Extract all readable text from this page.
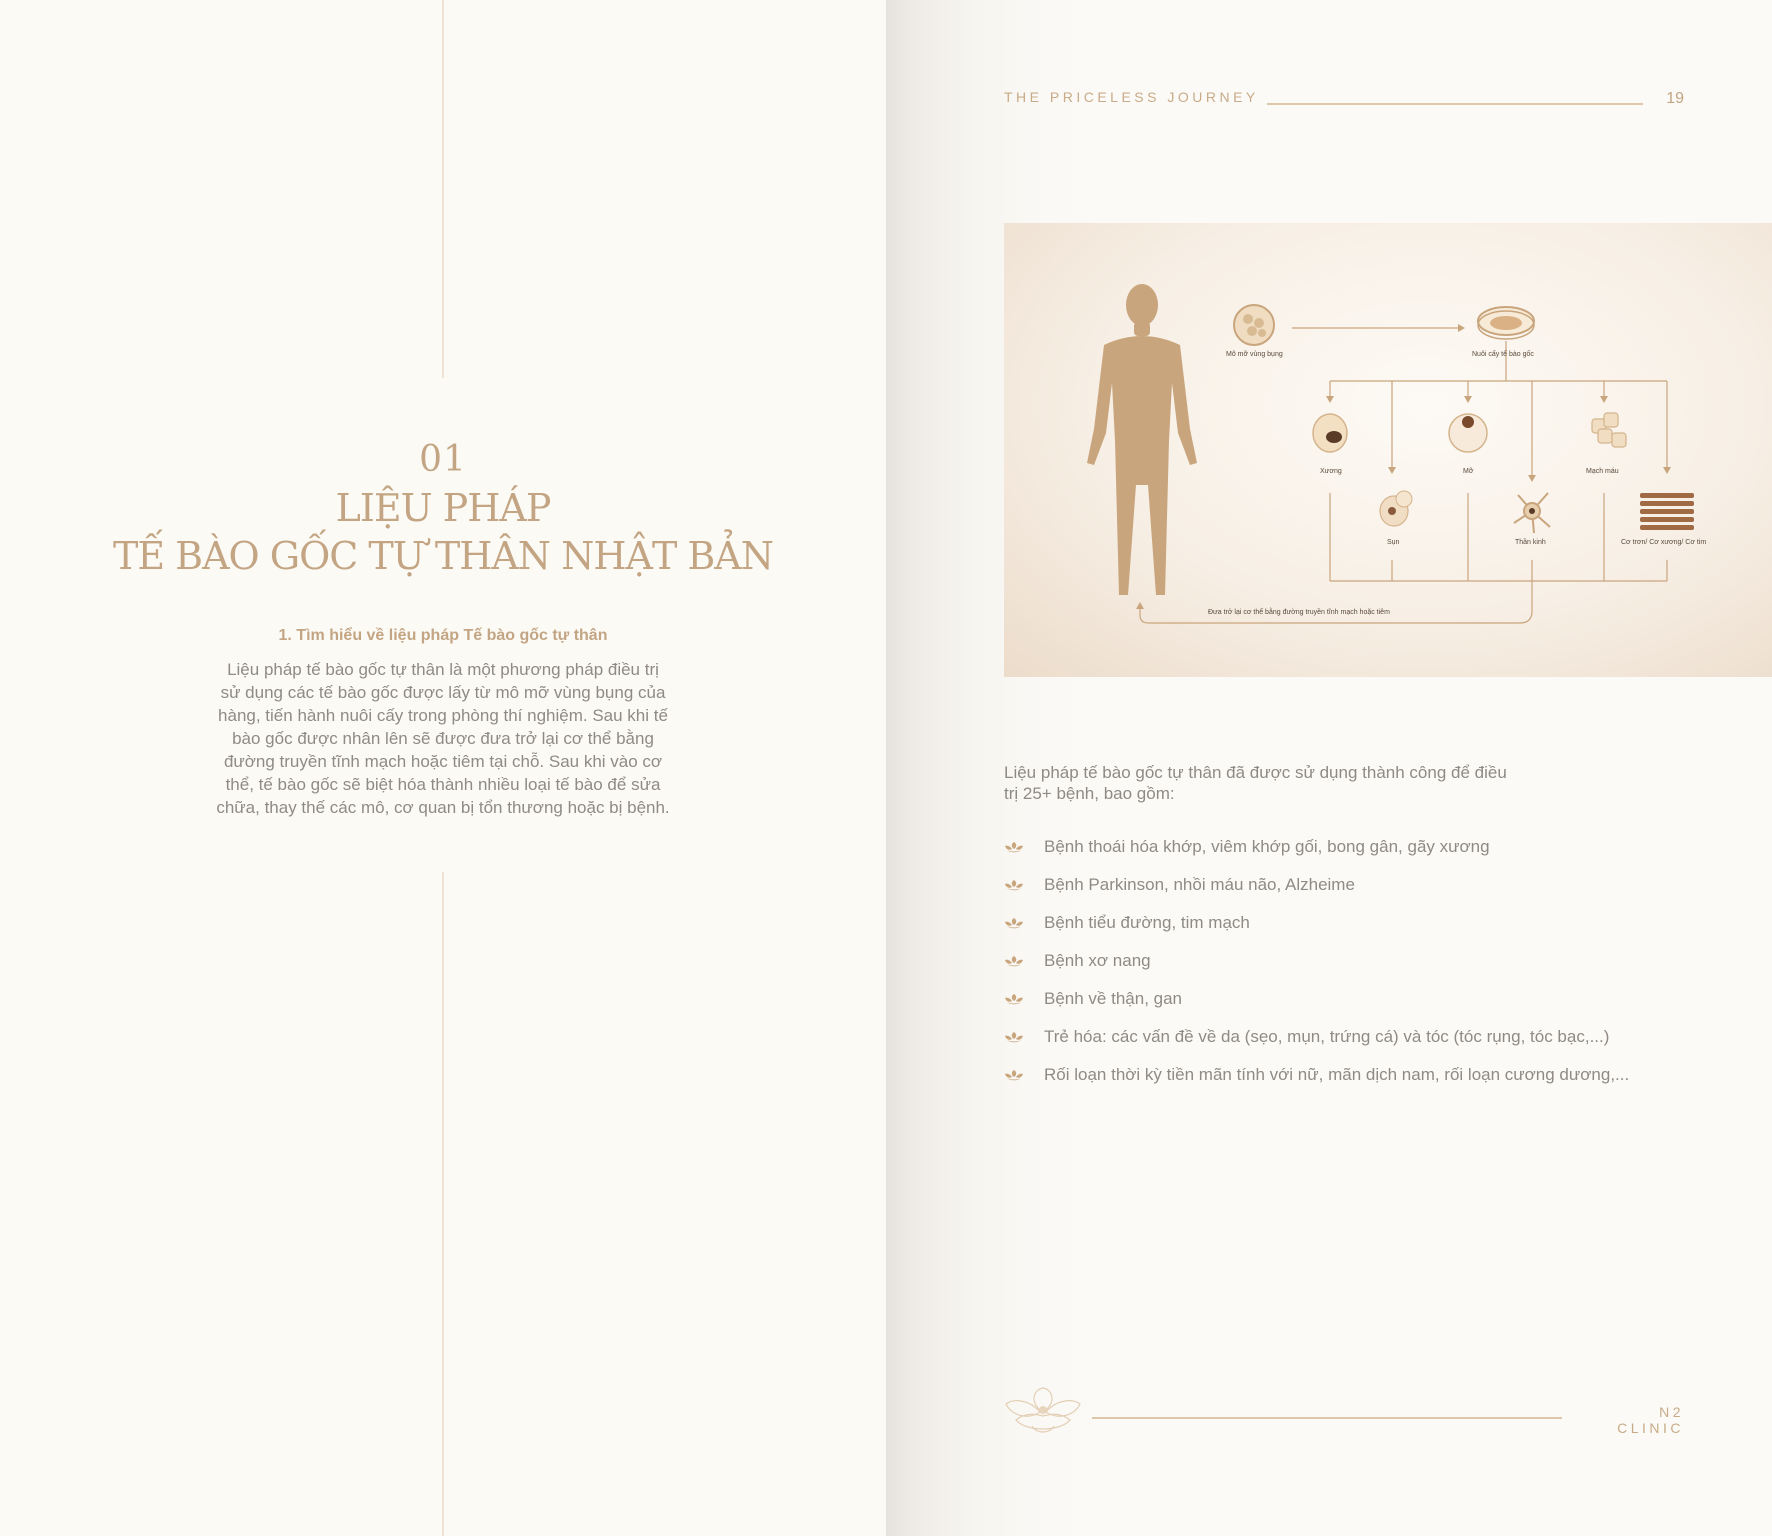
01
LIỆU PHÁP
TẾ BÀO GỐC TỰ THÂN NHẬT BẢN
1. Tìm hiểu về liệu pháp Tế bào gốc tự thân
Liệu pháp tế bào gốc tự thân là một phương pháp điều trị sử dụng các tế bào gốc được lấy từ mô mỡ vùng bụng của hàng, tiến hành nuôi cấy trong phòng thí nghiệm. Sau khi tế bào gốc được nhân lên sẽ được đưa trở lại cơ thể bằng đường truyền tĩnh mạch hoặc tiêm tại chỗ. Sau khi vào cơ thể, tế bào gốc sẽ biệt hóa thành nhiều loại tế bào để sửa chữa, thay thế các mô, cơ quan bị tổn thương hoặc bị bệnh.
THE PRICELESS JOURNEY	19
Mô mỡ vùng bụng	Nuôi cấy tế bào gốc
Xương	Mỡ	Mạch máu
Sụn	Thần kinh	Cơ trơn/ Cơ xương/ Cơ tim
Đưa trở lại cơ thể bằng đường truyền tĩnh mạch hoặc tiêm
Liệu pháp tế bào gốc tự thân đã được sử dụng thành công để điều trị 25+ bệnh, bao gồm:
Bệnh thoái hóa khớp, viêm khớp gối, bong gân, gãy xương
Bệnh Parkinson, nhồi máu não, Alzheime
Bệnh tiểu đường, tim mạch
Bệnh xơ nang
Bệnh về thận, gan
Trẻ hóa: các vấn đề về da (sẹo, mụn, trứng cá) và tóc (tóc rụng, tóc bạc,...)
Rối loạn thời kỳ tiền mãn tính với nữ, mãn dịch nam, rối loạn cương dương,...
N2 CLINIC
